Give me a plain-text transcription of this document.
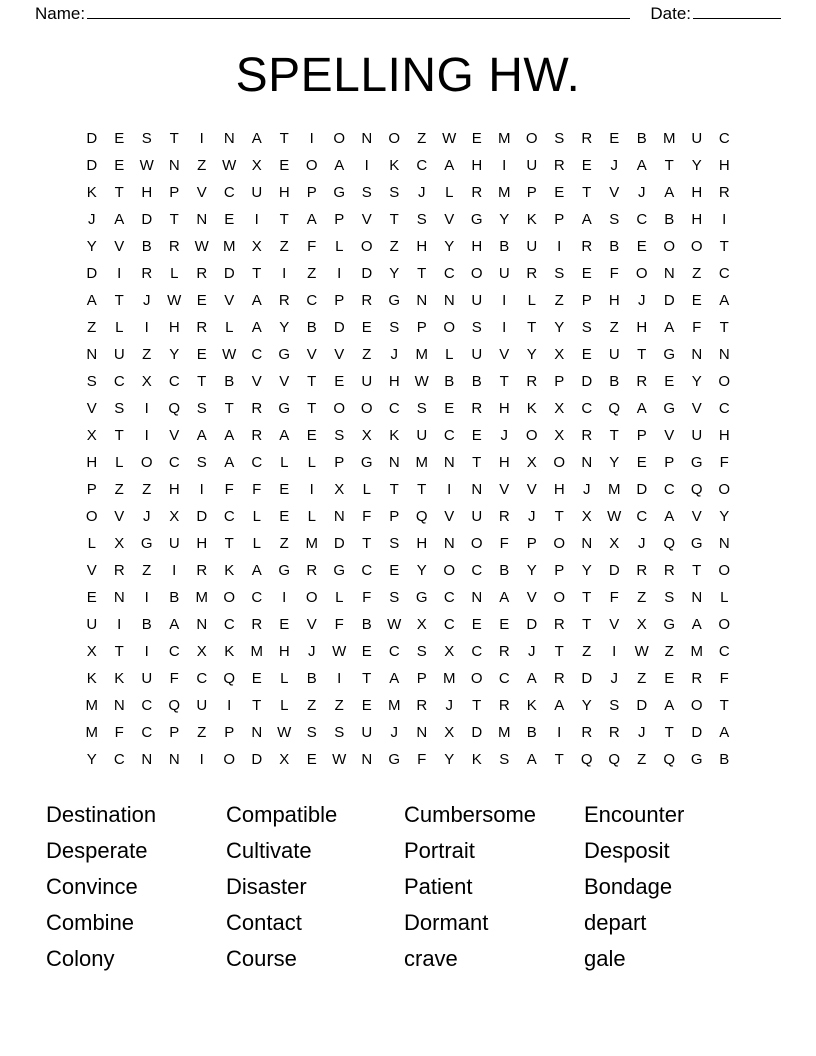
Name:	Date:
SPELLING HW.
D	E	S	T	I	N	A	T	I	O	N	O	Z	W	E	M	O	S	R	E	B	M	U	C
D	E	W	N	Z	W	X	E	O	A	I	K	C	A	H	I	U	R	E	J	A	T	Y	H
K	T	H	P	V	C	U	H	P	G	S	S	J	L	R	M	P	E	T	V	J	A	H	R
J	A	D	T	N	E	I	T	A	P	V	T	S	V	G	Y	K	P	A	S	C	B	H	I
Y	V	B	R	W	M	X	Z	F	L	O	Z	H	Y	H	B	U	I	R	B	E	O	O	T
D	I	R	L	R	D	T	I	Z	I	D	Y	T	C	O	U	R	S	E	F	O	N	Z	C
A	T	J	W	E	V	A	R	C	P	R	G	N	N	U	I	L	Z	P	H	J	D	E	A
Z	L	I	H	R	L	A	Y	B	D	E	S	P	O	S	I	T	Y	S	Z	H	A	F	T
N	U	Z	Y	E	W	C	G	V	V	Z	J	M	L	U	V	Y	X	E	U	T	G	N	N
S	C	X	C	T	B	V	V	T	E	U	H	W	B	B	T	R	P	D	B	R	E	Y	O
V	S	I	Q	S	T	R	G	T	O	O	C	S	E	R	H	K	X	C	Q	A	G	V	C
X	T	I	V	A	A	R	A	E	S	X	K	U	C	E	J	O	X	R	T	P	V	U	H
H	L	O	C	S	A	C	L	L	P	G	N	M	N	T	H	X	O	N	Y	E	P	G	F
P	Z	Z	H	I	F	F	E	I	X	L	T	T	I	N	V	V	H	J	M	D	C	Q	O
O	V	J	X	D	C	L	E	L	N	F	P	Q	V	U	R	J	T	X	W	C	A	V	Y
L	X	G	U	H	T	L	Z	M	D	T	S	H	N	O	F	P	O	N	X	J	Q	G	N
V	R	Z	I	R	K	A	G	R	G	C	E	Y	O	C	B	Y	P	Y	D	R	R	T	O
E	N	I	B	M	O	C	I	O	L	F	S	G	C	N	A	V	O	T	F	Z	S	N	L
U	I	B	A	N	C	R	E	V	F	B	W	X	C	E	E	D	R	T	V	X	G	A	O
X	T	I	C	X	K	M	H	J	W	E	C	S	X	C	R	J	T	Z	I	W	Z	M	C
K	K	U	F	C	Q	E	L	B	I	T	A	P	M	O	C	A	R	D	J	Z	E	R	F
M	N	C	Q	U	I	T	L	Z	Z	E	M	R	J	T	R	K	A	Y	S	D	A	O	T
M	F	C	P	Z	P	N	W	S	S	U	J	N	X	D	M	B	I	R	R	J	T	D	A
Y	C	N	N	I	O	D	X	E	W	N	G	F	Y	K	S	A	T	Q	Q	Z	Q	G	B
Destination	Compatible	Cumbersome	Encounter
Desperate	Cultivate	Portrait	Desposit
Convince	Disaster	Patient	Bondage
Combine	Contact	Dormant	depart
Colony	Course	crave	gale
